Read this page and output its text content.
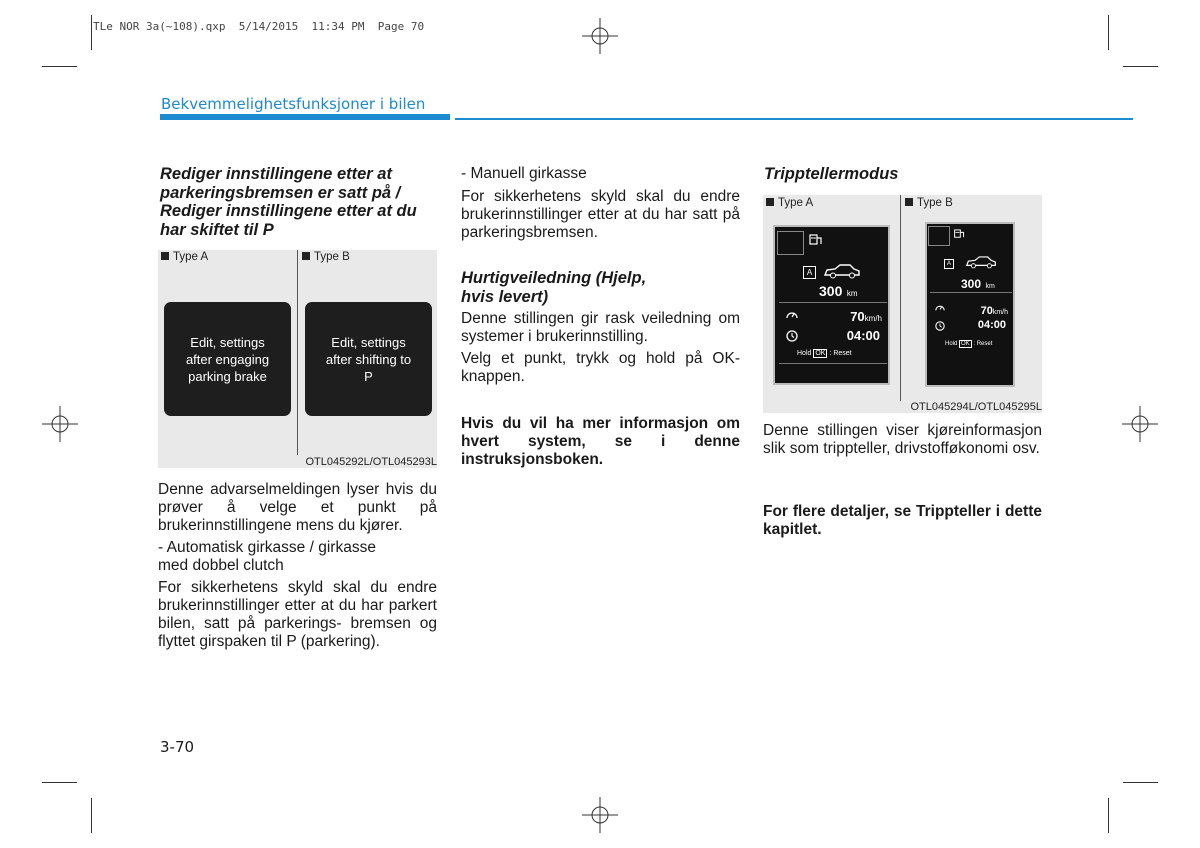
TLe NOR 3a(~108).qxp  5/14/2015  11:34 PM  Page 70
Bekvemmelighetsfunksjoner i bilen
Rediger innstillingene etter at parkeringsbremsen er satt på / Rediger innstillingene etter at du har skiftet til P
Type A	Type B
Edit, settings after engaging parking brake
Edit, settings after shifting to P
OTL045292L/OTL045293L
Denne advarselmeldingen lyser hvis du prøver å velge et punkt på brukerinnstillingene mens du kjører.
- Automatisk girkasse / girkasse med dobbel clutch
For sikkerhetens skyld skal du endre brukerinnstillinger etter at du har parkert bilen, satt på parkerings- bremsen og flyttet girspaken til P (parkering).
- Manuell girkasse
For sikkerhetens skyld skal du endre brukerinnstillinger etter at du har satt på parkeringsbremsen.
Hurtigveiledning (Hjelp, hvis levert)
Denne stillingen gir rask veiledning om systemer i brukerinnstilling.
Velg et punkt, trykk og hold på OK-knappen.
Hvis du vil ha mer informasjon om hvert system, se i denne instruksjonsboken.
Tripptellermodus
Type A	Type B
A
300 km
70km/h
04:00
Hold OK : Reset
A
300 km
70km/h
04:00
Hold OK : Reset
OTL045294L/OTL045295L
Denne stillingen viser kjøreinformasjon slik som trippteller, drivstofføkonomi osv.
For flere detaljer, se Trippteller i dette kapitlet.
3-70
